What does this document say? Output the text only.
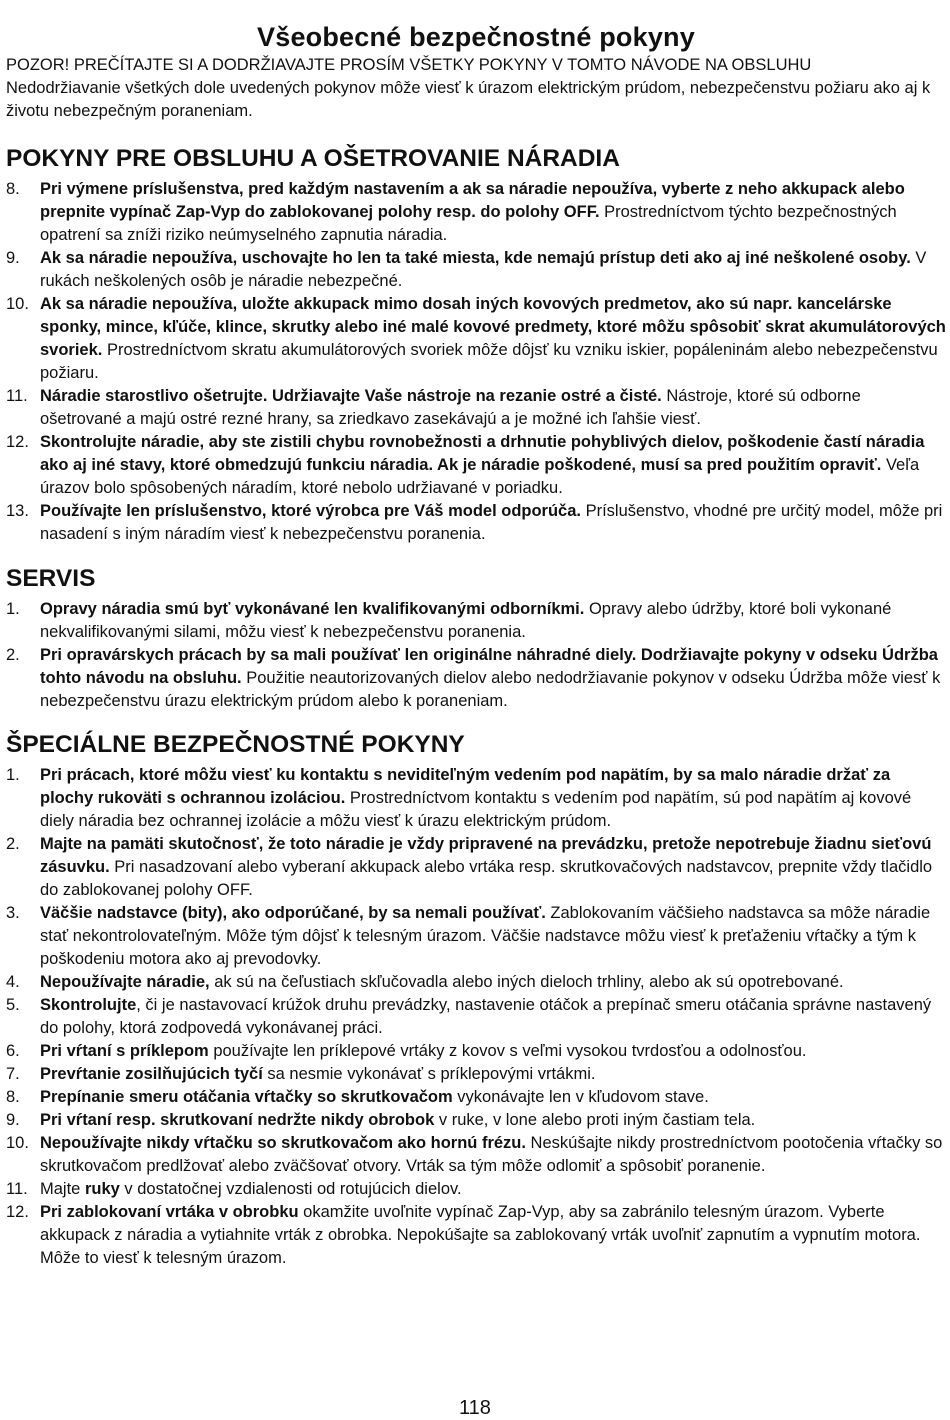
Všeobecné bezpečnostné pokyny

POZOR! PREČÍTAJTE SI A DODRŽIAVAJTE PROSÍM VŠETKY POKYNY V TOMTO NÁVODE NA OBSLUHU

Nedodržiavanie všetkých dole uvedených pokynov môže viesť k úrazom elektrickým prúdom, nebezpečenstvu požiaru ako aj k životu nebezpečným poraneniam.

POKYNY PRE OBSLUHU A OŠETROVANIE NÁRADIA
8.	Pri výmene príslušenstva, pred každým nastavením a ak sa náradie nepoužíva, vyberte z neho akkupack alebo prepnite vypínač Zap-Vyp do zablokovanej polohy resp. do polohy OFF. Prostredníctvom týchto bezpečnostných opatrení sa zníži riziko neúmyselného zapnutia náradia.
9.	Ak sa náradie nepoužíva, uschovajte ho len ta také miesta, kde nemajú prístup deti ako aj iné neškolené osoby. V rukách neškolených osôb je náradie nebezpečné.
10. Ak sa náradie nepoužíva, uložte akkupack mimo dosah iných kovových predmetov, ako sú napr. kancelárske sponky, mince, kľúče, klince, skrutky alebo iné malé kovové predmety, ktoré môžu spôsobiť skrat akumulátorových svoriek. Prostredníctvom skratu akumulátorových svoriek môže dôjsť ku vzniku iskier, popáleninám alebo nebezpečenstvu požiaru.
11. Náradie starostlivo ošetrujte. Udržiavajte Vaše nástroje na rezanie ostré a čisté. Nástroje, ktoré sú odborne ošetrované a majú ostré rezné hrany, sa zriedkavo zasekávajú a je možné ich ľahšie viesť.
12. Skontrolujte náradie, aby ste zistili chybu rovnobežnosti a drhnutie pohyblivých dielov, poškodenie častí náradia ako aj iné stavy, ktoré obmedzujú funkciu náradia. Ak je náradie poškodené, musí sa pred použitím opraviť. Veľa úrazov bolo spôsobených náradím, ktoré nebolo udržiavané v poriadku.
13. Používajte len príslušenstvo, ktoré výrobca pre Váš model odporúča. Príslušenstvo, vhodné pre určitý model, môže pri nasadení s iným náradím viesť k nebezpečenstvu poranenia.
SERVIS
1.	Opravy náradia smú byť vykonávané len kvalifikovanými odborníkmi. Opravy alebo údržby, ktoré boli vykonané nekvalifikovanými silami, môžu viesť k nebezpečenstvu poranenia.
2.	Pri opravárskych prácach by sa mali používať len originálne náhradné diely. Dodržiavajte pokyny v odseku Údržba tohto návodu na obsluhu. Použitie neautorizovaných dielov alebo nedodržiavanie pokynov v odseku Údržba môže viesť k nebezpečenstvu úrazu elektrickým prúdom alebo k poraneniam.
ŠPECIÁLNE BEZPEČNOSTNÉ POKYNY
1.	Pri prácach, ktoré môžu viesť ku kontaktu s neviditeľným vedením pod napätím, by sa malo náradie držať za plochy rukoväti s ochrannou izoláciou. Prostredníctvom kontaktu s vedením pod napätím, sú pod napätím aj kovové diely náradia bez ochrannej izolácie a môžu viesť k úrazu elektrickým prúdom.
2.	Majte na pamäti skutočnosť, že toto náradie je vždy pripravené na prevádzku, pretože nepotrebuje žiadnu sieťovú zásuvku. Pri nasadzovaní alebo vyberaní akkupack alebo vrtáka resp. skrutkovačových nadstavcov, prepnite vždy tlačidlo do zablokovanej polohy OFF.
3.	Väčšie nadstavce (bity), ako odporúčané, by sa nemali používať. Zablokovaním väčšieho nadstavca sa môže náradie stať nekontrolovateľným. Môže tým dôjsť k telesným úrazom. Väčšie nadstavce môžu viesť k preťaženiu vŕtačky a tým k poškodeniu motora ako aj prevodovky.
4.	Nepoužívajte náradie, ak sú na čeľustiach skľučovadla alebo iných dieloch trhliny, alebo ak sú opotrebované.
5.	Skontrolujte, či je nastavovací krúžok druhu prevádzky, nastavenie otáčok a prepínač smeru otáčania správne nastavený do polohy, ktorá zodpovedá vykonávanej práci.
6.	Pri vŕtaní s príklepom používajte len príklepové vrtáky z kovov s veľmi vysokou tvrdosťou a odolnosťou.
7.	Prevŕtanie zosilňujúcich tyčí sa nesmie vykonávať s príklepovými vrtákmi.
8.	Prepínanie smeru otáčania vŕtačky so skrutkovačom vykonávajte len v kľudovom stave.
9.	Pri vŕtaní resp. skrutkovaní nedržte nikdy obrobok v ruke, v lone alebo proti iným častiam tela.
10. Nepoužívajte nikdy vŕtačku so skrutkovačom ako hornú frézu. Neskúšajte nikdy prostredníctvom pootočenia vŕtačky so skrutkovačom predlžovať alebo zväčšovať otvory. Vrták sa tým môže odlomiť a spôsobiť poranenie.
11. Majte ruky v dostatočnej vzdialenosti od rotujúcich dielov.
12. Pri zablokovaní vrtáka v obrobku okamžite uvoľnite vypínač Zap-Vyp, aby sa zabránilo telesným úrazom. Vyberte akkupack z náradia a vytiahnite vrták z obrobka. Nepokúšajte sa zablokovaný vrták uvoľniť zapnutím a vypnutím motora. Môže to viesť k telesným úrazom.
118
